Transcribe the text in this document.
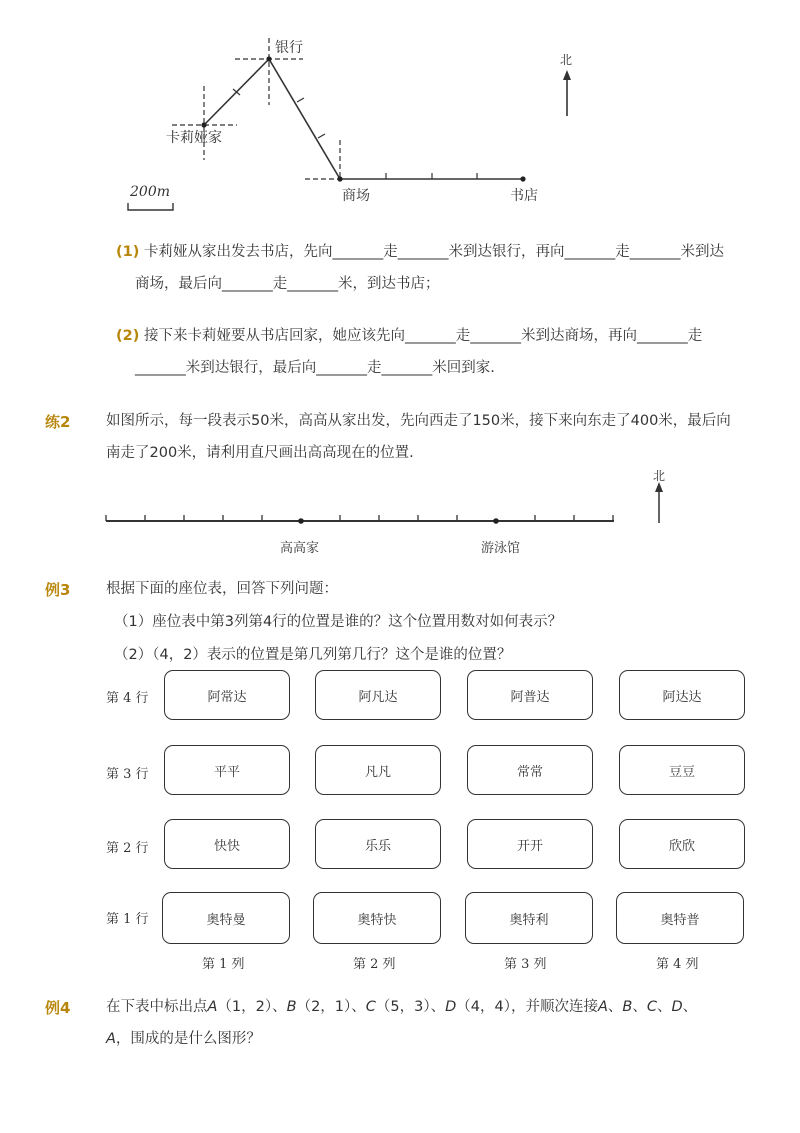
银行
卡莉娅家
商场	书店
北
200m
(1) 卡莉娅从家出发去书店，先向_______走_______米到达银行，再向_______走_______米到达
商场，最后向_______走_______米，到达书店；
(2) 接下来卡莉娅要从书店回家，她应该先向_______走_______米到达商场，再向_______走
_______米到达银行，最后向_______走_______米回到家.
练2 如图所示，每一段表示50米，高高从家出发，先向西走了150米，接下来向东走了400米，最后向
南走了200米，请利用直尺画出高高现在的位置.
北
高高家	游泳馆
例3 根据下面的座位表，回答下列问题：
（1）座位表中第3列第4行的位置是谁的？这个位置用数对如何表示？
（2）（4，2）表示的位置是第几列第几行？这个是谁的位置？
第 4 行	阿常达	阿凡达	阿普达	阿达达
第 3 行	平平	凡凡	常常	豆豆
第 2 行	快快	乐乐	开开	欣欣
第 1 行	奥特曼	奥特快	奥特利	奥特普
第 1 列	第 2 列	第 3 列	第 4 列
例4 在下表中标出点A（1，2）、B（2，1）、C（5，3）、D（4，4），并顺次连接A、B、C、D、
A，围成的是什么图形？
